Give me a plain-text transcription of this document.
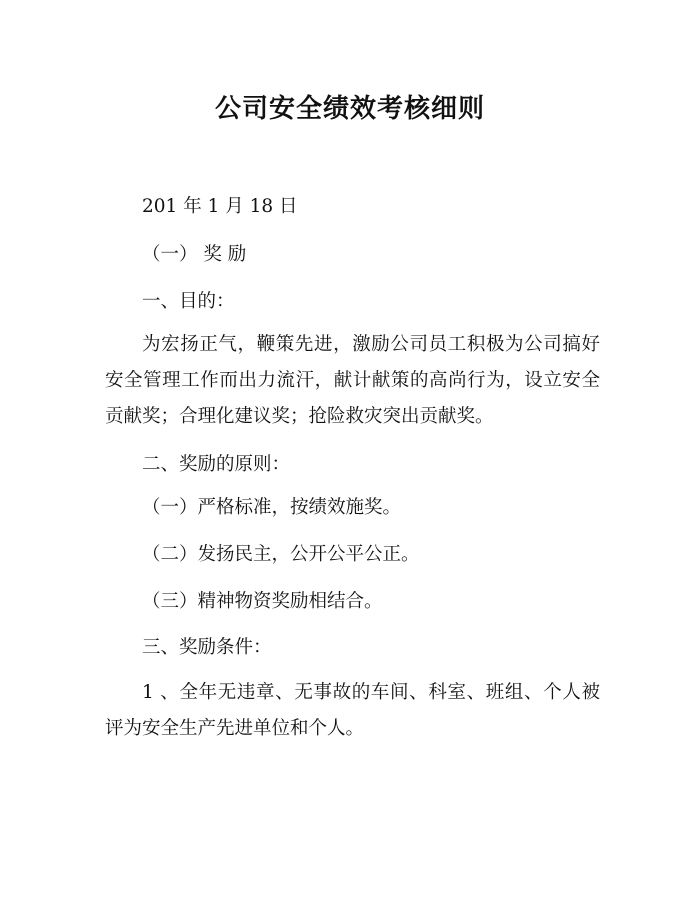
公司安全绩效考核细则

201 年 1 月 18 日

（一） 奖 励

一、目的：

为宏扬正气，鞭策先进，激励公司员工积极为公司搞好安全管理工作而出力流汗，献计献策的高尚行为，设立安全贡献奖；合理化建议奖；抢险救灾突出贡献奖。

二、奖励的原则：

（一）严格标准，按绩效施奖。

（二）发扬民主，公开公平公正。

（三）精神物资奖励相结合。

三、奖励条件：

1 、全年无违章、无事故的车间、科室、班组、个人被评为安全生产先进单位和个人。
